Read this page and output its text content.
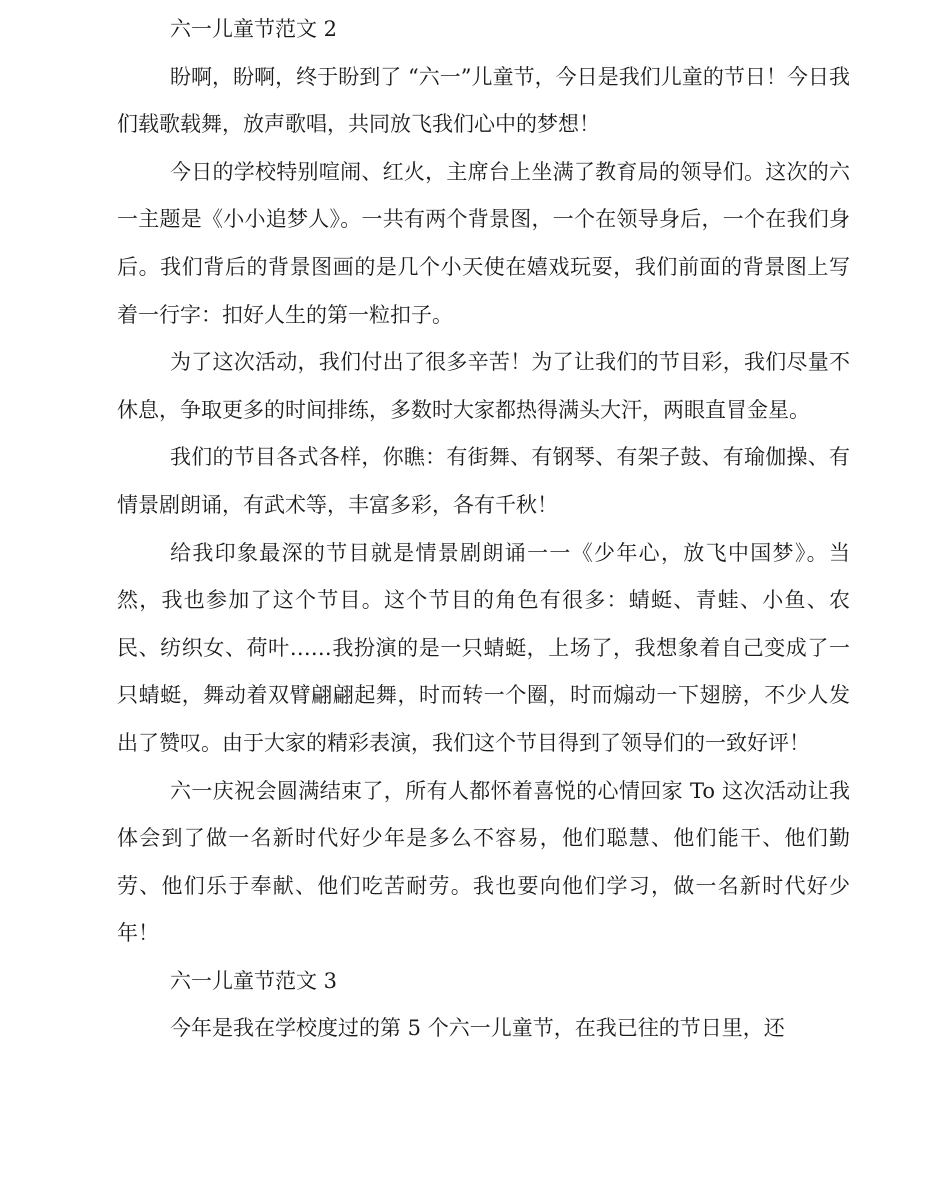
六一儿童节范文 2

盼啊，盼啊，终于盼到了 “六一”儿童节，今日是我们儿童的节日！今日我们载歌载舞，放声歌唱，共同放飞我们心中的梦想！

今日的学校特别喧闹、红火，主席台上坐满了教育局的领导们。这次的六一主题是《小小追梦人》。一共有两个背景图，一个在领导身后，一个在我们身后。我们背后的背景图画的是几个小天使在嬉戏玩耍，我们前面的背景图上写着一行字：扣好人生的第一粒扣子。

为了这次活动，我们付出了很多辛苦！为了让我们的节目彩，我们尽量不休息，争取更多的时间排练，多数时大家都热得满头大汗，两眼直冒金星。

我们的节目各式各样，你瞧：有街舞、有钢琴、有架子鼓、有瑜伽操、有情景剧朗诵，有武术等，丰富多彩，各有千秋！

给我印象最深的节目就是情景剧朗诵一一《少年心，放飞中国梦》。当然，我也参加了这个节目。这个节目的角色有很多：蜻蜓、青蛙、小鱼、农民、纺织女、荷叶……我扮演的是一只蜻蜓，上场了，我想象着自己变成了一只蜻蜓，舞动着双臂翩翩起舞，时而转一个圈，时而煽动一下翅膀，不少人发出了赞叹。由于大家的精彩表演，我们这个节目得到了领导们的一致好评！

六一庆祝会圆满结束了，所有人都怀着喜悦的心情回家 To 这次活动让我体会到了做一名新时代好少年是多么不容易，他们聪慧、他们能干、他们勤劳、他们乐于奉献、他们吃苦耐劳。我也要向他们学习，做一名新时代好少年！

六一儿童节范文 3

今年是我在学校度过的第 5 个六一儿童节，在我已往的节日里，还
